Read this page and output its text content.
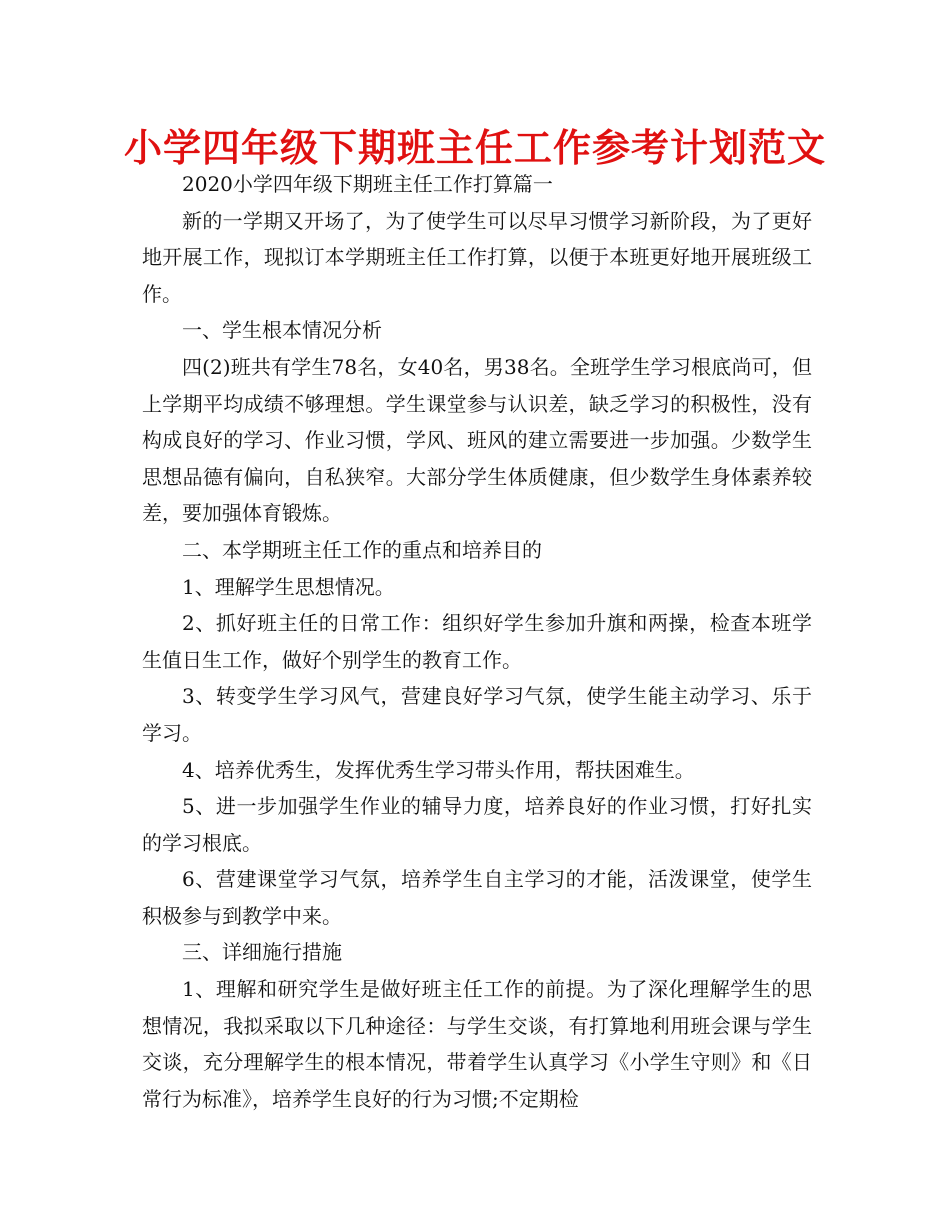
小学四年级下期班主任工作参考计划范文

2020小学四年级下期班主任工作打算篇一

新的一学期又开场了，为了使学生可以尽早习惯学习新阶段，为了更好地开展工作，现拟订本学期班主任工作打算，以便于本班更好地开展班级工作。

一、学生根本情况分析

四(2)班共有学生78名，女40名，男38名。全班学生学习根底尚可，但上学期平均成绩不够理想。学生课堂参与认识差，缺乏学习的积极性，没有构成良好的学习、作业习惯，学风、班风的建立需要进一步加强。少数学生思想品德有偏向，自私狭窄。大部分学生体质健康，但少数学生身体素养较差，要加强体育锻炼。

二、本学期班主任工作的重点和培养目的

1、理解学生思想情况。

2、抓好班主任的日常工作：组织好学生参加升旗和两操，检查本班学生值日生工作，做好个别学生的教育工作。

3、转变学生学习风气，营建良好学习气氛，使学生能主动学习、乐于学习。

4、培养优秀生，发挥优秀生学习带头作用，帮扶困难生。

5、进一步加强学生作业的辅导力度，培养良好的作业习惯，打好扎实的学习根底。

6、营建课堂学习气氛，培养学生自主学习的才能，活泼课堂，使学生积极参与到教学中来。

三、详细施行措施

1、理解和研究学生是做好班主任工作的前提。为了深化理解学生的思想情况，我拟采取以下几种途径：与学生交谈，有打算地利用班会课与学生交谈，充分理解学生的根本情况，带着学生认真学习《小学生守则》和《日常行为标准》，培养学生良好的行为习惯;不定期检
